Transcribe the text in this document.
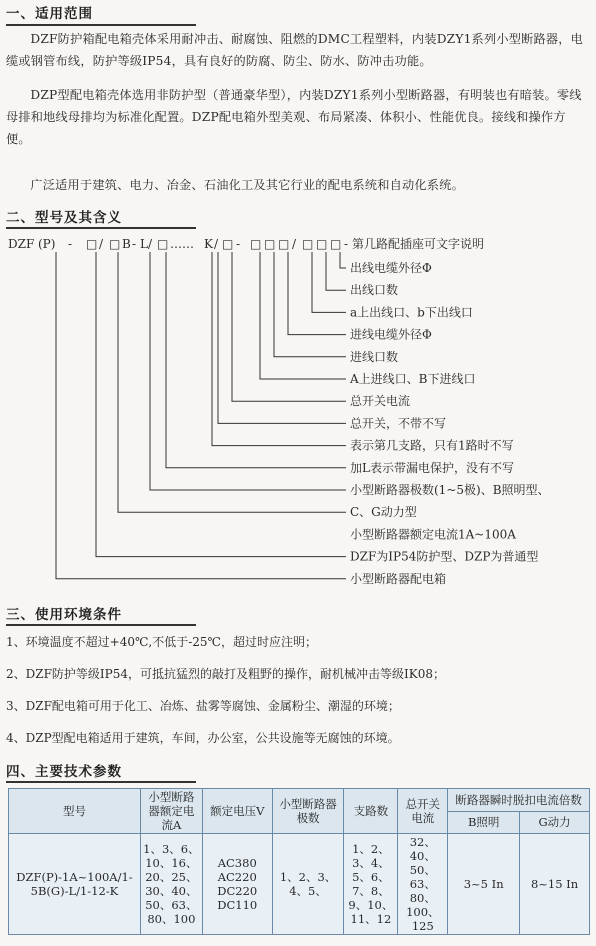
一、适用范围
DZF防护箱配电箱壳体采用耐冲击、耐腐蚀、阻燃的DMC工程塑料，内装DZY1系列小型断路器，电缆或钢管布线，防护等级IP54，具有良好的防腐、防尘、防水、防冲击功能。
DZP型配电箱壳体选用非防护型（普通豪华型），内装DZY1系列小型断路器，有明装也有暗装。零线母排和地线母排均为标准化配置。DZP配电箱外型美观、布局紧凑、体积小、性能优良。接线和操作方便。
广泛适用于建筑、电力、冶金、石油化工及其它行业的配电系统和自动化系统。
二、型号及其含义
DZF (P) - □ / □ B - L / □ …… K / □ - □ □ □ / □ □ □ - 第几路配插座可文字说明
出线电缆外径Φ
出线口数
a上出线口、b下出线口
进线电缆外径Φ
进线口数
A上进线口、B下进线口
总开关电流
总开关，不带不写
表示第几支路，只有1路时不写
加L表示带漏电保护，没有不写
小型断路器极数(1~5极)、B照明型、
C、G动力型
小型断路器额定电流1A~100A
DZF为IP54防护型、DZP为普通型
小型断路器配电箱
三、使用环境条件
1、环境温度不超过+40℃,不低于-25℃，超过时应注明；
2、DZF防护等级IP54，可抵抗猛烈的敲打及粗野的操作，耐机械冲击等级IK08；
3、DZF配电箱可用于化工、冶炼、盐雾等腐蚀、金属粉尘、潮湿的环境；
4、DZP型配电箱适用于建筑，车间，办公室，公共设施等无腐蚀的环境。
四、主要技术参数
型号	小型断路器额定电流A	额定电压V	小型断路器极数	支路数	总开关电流	断路器瞬时脱扣电流倍数	
						B照明	G动力
DZF(P)-1A~100A/1-5B(G)-L/1-12-K	1、3、6、10、16、20、25、30、40、50、63、80、100	AC380 AC220 DC220 DC110	1、2、3、4、5、	1、2、3、4、5、6、7、8、9、10、11、12	32、40、50、63、80、100、125	3~5 In	8~15 In
